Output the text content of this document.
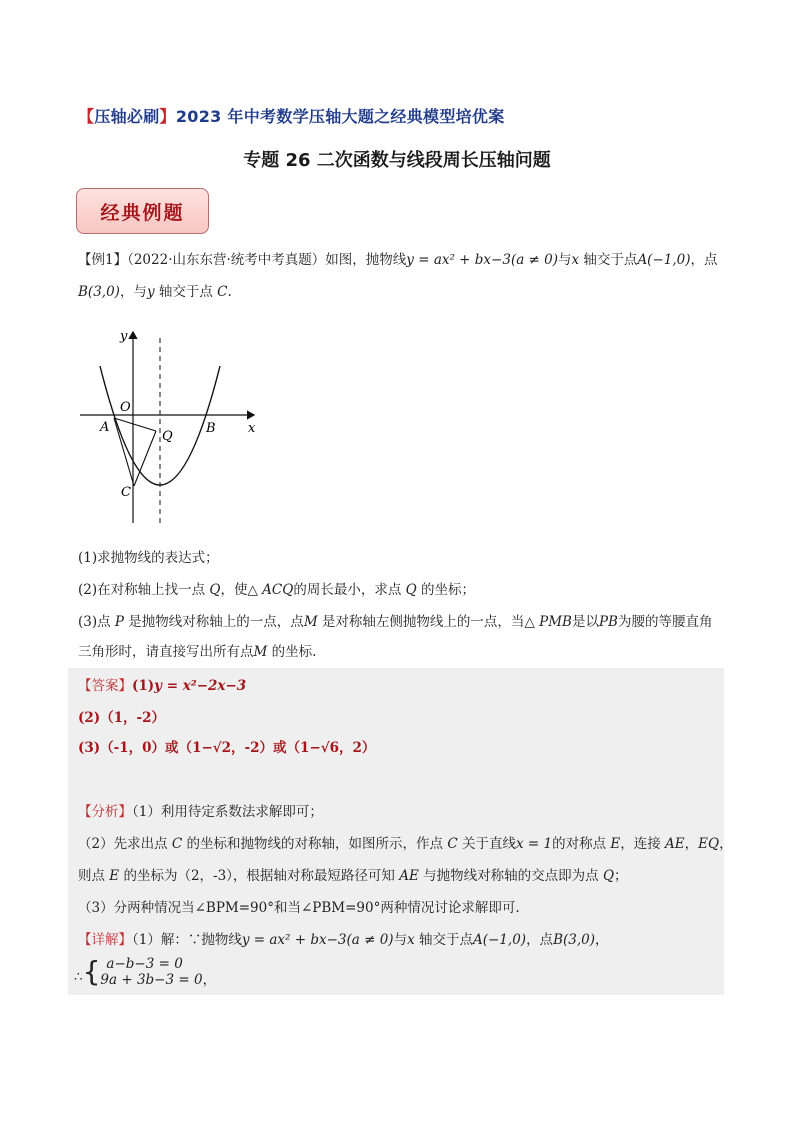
【压轴必刷】2023 年中考数学压轴大题之经典模型培优案
专题 26 二次函数与线段周长压轴问题
经典例题
【例1】（2022·山东东营·统考中考真题）如图，抛物线y = ax² + bx−3(a ≠ 0)与x 轴交于点A(−1,0)，点
B(3,0)，与y 轴交于点 C.
y
x
O
A	B
C
Q
(1)求抛物线的表达式；
(2)在对称轴上找一点 Q，使△ ACQ的周长最小，求点 Q 的坐标；
(3)点 P 是抛物线对称轴上的一点，点M 是对称轴左侧抛物线上的一点，当△ PMB是以PB为腰的等腰直角
三角形时，请直接写出所有点M 的坐标.
【答案】(1)y = x²−2x−3
(2)（1，-2）
(3)（-1，0）或（1−√2，-2）或（1−√6，2）
【分析】（1）利用待定系数法求解即可；
（2）先求出点 C 的坐标和抛物线的对称轴，如图所示，作点 C 关于直线x = 1的对称点 E，连接 AE，EQ，
则点 E 的坐标为（2，-3），根据轴对称最短路径可知 AE 与抛物线对称轴的交点即为点 Q；
（3）分两种情况当∠BPM=90°和当∠PBM=90°两种情况讨论求解即可.
【详解】（1）解：∵抛物线y = ax² + bx−3(a ≠ 0)与x 轴交于点A(−1,0)，点B(3,0)，
∴ { a−b−3 = 0
9a + 3b−3 = 0，
